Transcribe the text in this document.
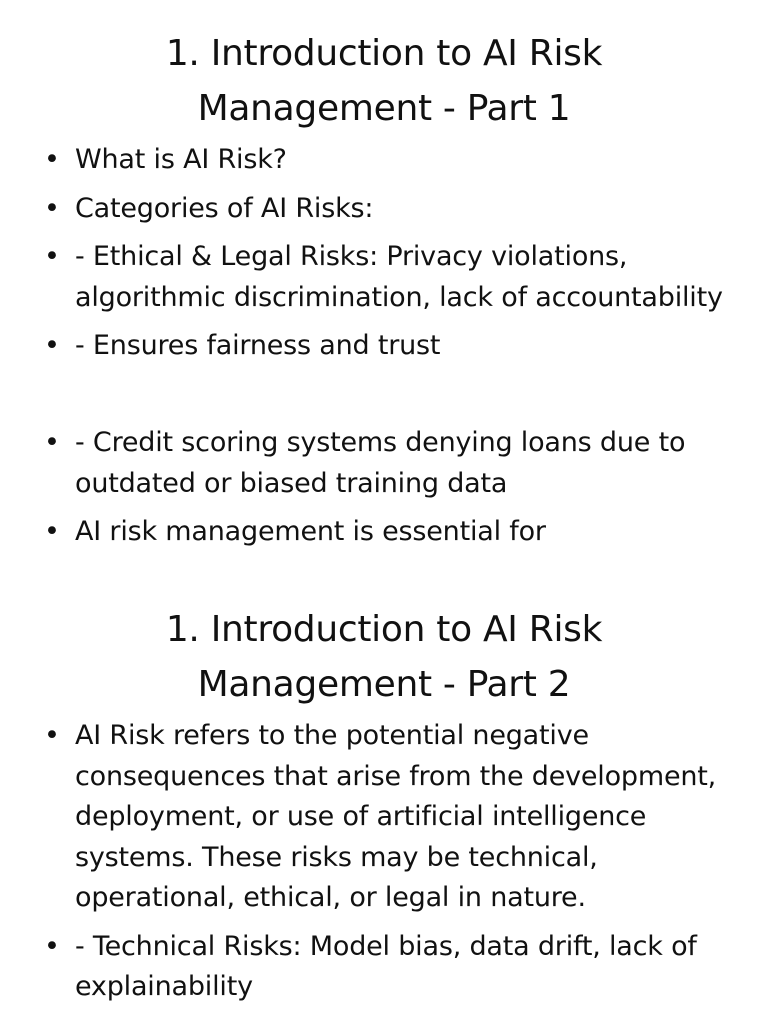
1. Introduction to AI Risk
Management - Part 1
• What is AI Risk?
• Categories of AI Risks:
• - Ethical & Legal Risks: Privacy violations, algorithmic discrimination, lack of accountability
• - Ensures fairness and trust
• - Credit scoring systems denying loans due to outdated or biased training data
• AI risk management is essential for
1. Introduction to AI Risk
Management - Part 2
• AI Risk refers to the potential negative consequences that arise from the development, deployment, or use of artificial intelligence systems. These risks may be technical, operational, ethical, or legal in nature.
• - Technical Risks: Model bias, data drift, lack of explainability
